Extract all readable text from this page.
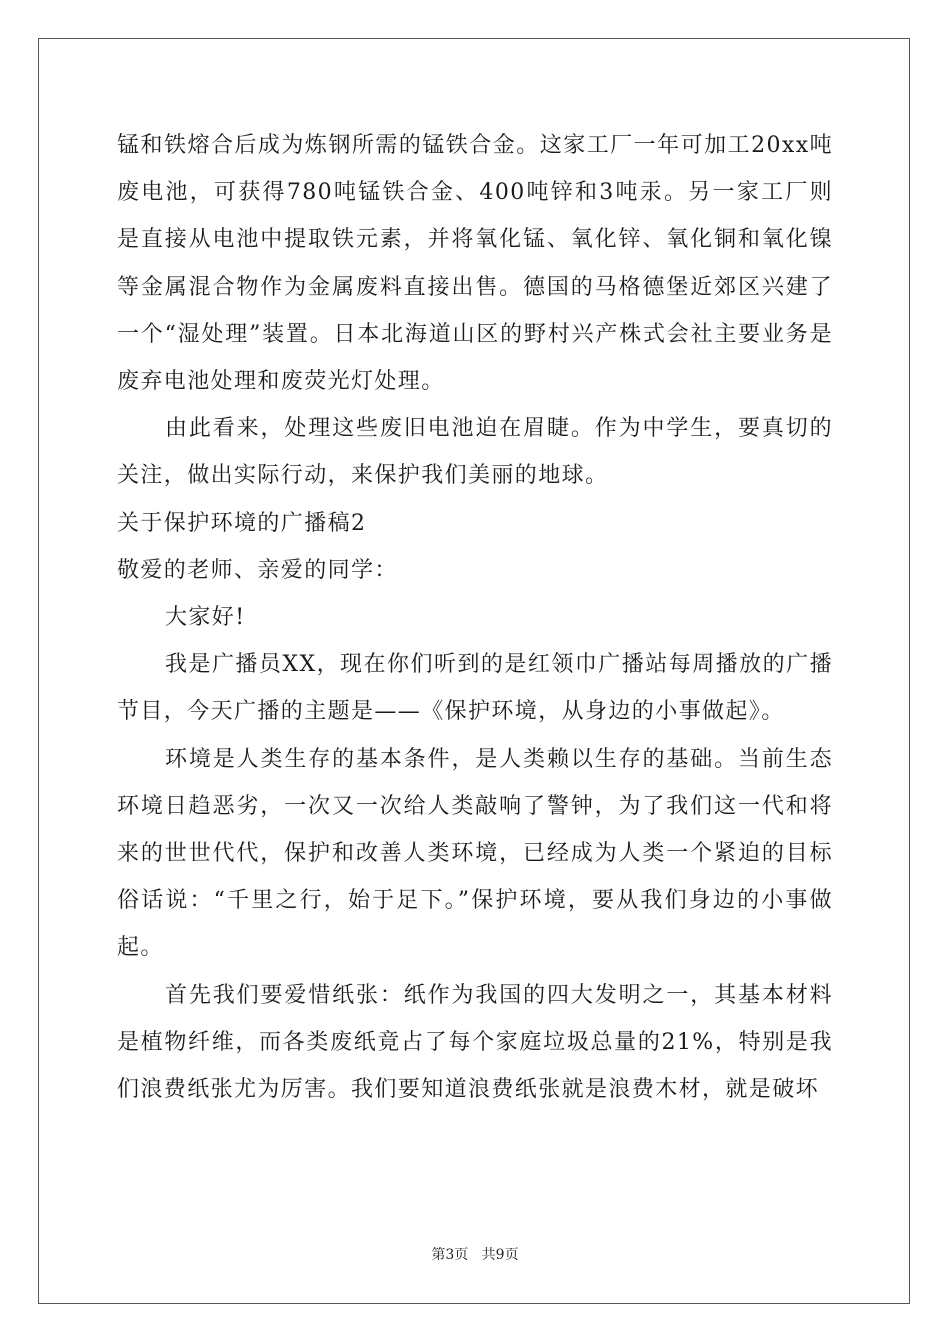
锰和铁熔合后成为炼钢所需的锰铁合金。这家工厂一年可加工20xx吨废电池，可获得780吨锰铁合金、400吨锌和3吨汞。另一家工厂则是直接从电池中提取铁元素，并将氧化锰、氧化锌、氧化铜和氧化镍等金属混合物作为金属废料直接出售。德国的马格德堡近郊区兴建了一个“湿处理”装置。日本北海道山区的野村兴产株式会社主要业务是废弃电池处理和废荧光灯处理。

由此看来，处理这些废旧电池迫在眉睫。作为中学生，要真切的关注，做出实际行动，来保护我们美丽的地球。

关于保护环境的广播稿2

敬爱的老师、亲爱的同学：

大家好!

我是广播员XX，现在你们听到的是红领巾广播站每周播放的广播节目，今天广播的主题是——《保护环境，从身边的小事做起》。

环境是人类生存的基本条件，是人类赖以生存的基础。当前生态环境日趋恶劣，一次又一次给人类敲响了警钟，为了我们这一代和将来的世世代代，保护和改善人类环境，已经成为人类一个紧迫的目标俗话说：“千里之行，始于足下。”保护环境，要从我们身边的小事做起。

首先我们要爱惜纸张：纸作为我国的四大发明之一，其基本材料是植物纤维，而各类废纸竟占了每个家庭垃圾总量的21%，特别是我们浪费纸张尤为厉害。我们要知道浪费纸张就是浪费木材，就是破坏

第3页 共9页
